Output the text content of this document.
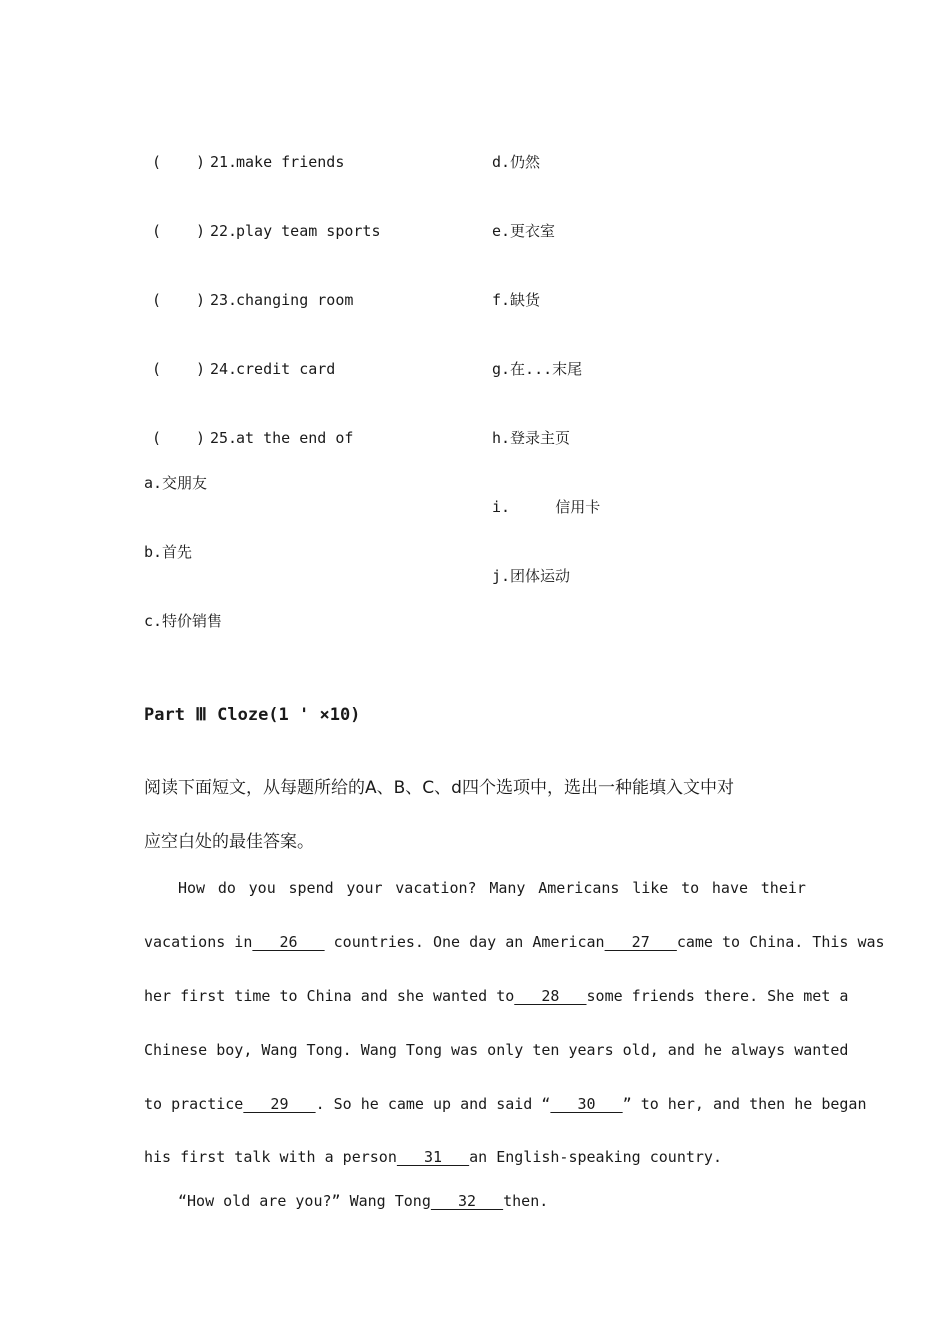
( ) 21.
make friends
( ) 22.
play team sports
( ) 23.
changing room
( ) 24.
credit card
( ) 25.
at the end of
d.仍然
e.更衣室
f.缺货
g.在...末尾
h.登录主页
i.     信用卡
j.团体运动
a.交朋友
b.首先
c.特价销售
Part Ⅲ Cloze(1 ' ×10)
阅读下面短文，从每题所给的A、B、C、d四个选项中，选出一种能填入文中对
应空白处的最佳答案。
How do you spend your vacation? Many Americans like to have their
vacations in   26 countries. One day an American   27   came to China. This was
her first time to China and she wanted to   28   some friends there. She met a
Chinese boy, Wang Tong. Wang Tong was only ten years old, and he always wanted
to practice   29   . So he came up and said “   30   ” to her, and then he began
his first talk with a person   31   an English-speaking country.
“How old are you?” Wang Tong   32   then.
